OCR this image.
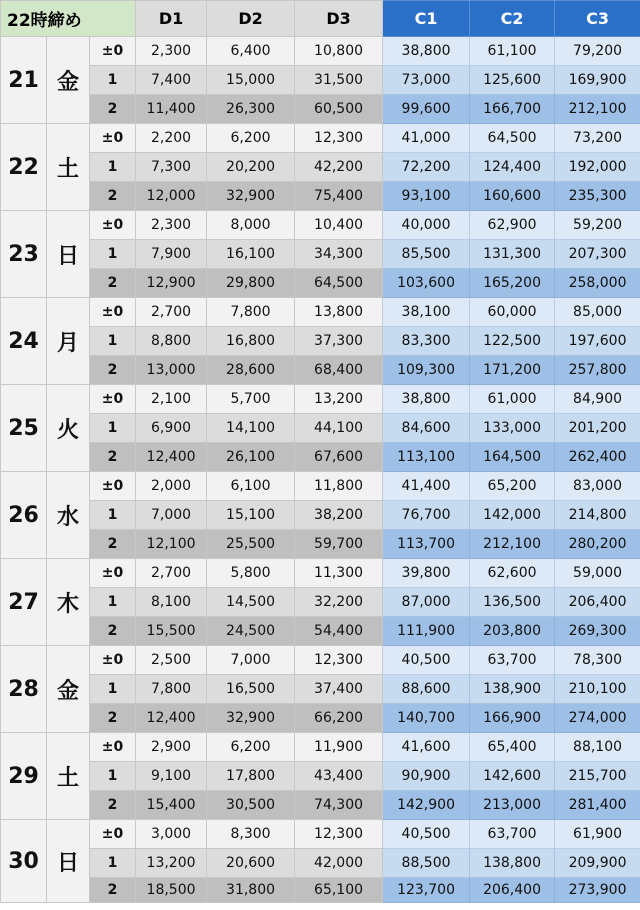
22時締め			D1	D2	D3	C1	C2	C3
21	金	±0	2,300	6,400	10,800	38,800	61,100	79,200
		1	7,400	15,000	31,500	73,000	125,600	169,900
		2	11,400	26,300	60,500	99,600	166,700	212,100
22	土	±0	2,200	6,200	12,300	41,000	64,500	73,200
		1	7,300	20,200	42,200	72,200	124,400	192,000
		2	12,000	32,900	75,400	93,100	160,600	235,300
23	日	±0	2,300	8,000	10,400	40,000	62,900	59,200
		1	7,900	16,100	34,300	85,500	131,300	207,300
		2	12,900	29,800	64,500	103,600	165,200	258,000
24	月	±0	2,700	7,800	13,800	38,100	60,000	85,000
		1	8,800	16,800	37,300	83,300	122,500	197,600
		2	13,000	28,600	68,400	109,300	171,200	257,800
25	火	±0	2,100	5,700	13,200	38,800	61,000	84,900
		1	6,900	14,100	44,100	84,600	133,000	201,200
		2	12,400	26,100	67,600	113,100	164,500	262,400
26	水	±0	2,000	6,100	11,800	41,400	65,200	83,000
		1	7,000	15,100	38,200	76,700	142,000	214,800
		2	12,100	25,500	59,700	113,700	212,100	280,200
27	木	±0	2,700	5,800	11,300	39,800	62,600	59,000
		1	8,100	14,500	32,200	87,000	136,500	206,400
		2	15,500	24,500	54,400	111,900	203,800	269,300
28	金	±0	2,500	7,000	12,300	40,500	63,700	78,300
		1	7,800	16,500	37,400	88,600	138,900	210,100
		2	12,400	32,900	66,200	140,700	166,900	274,000
29	土	±0	2,900	6,200	11,900	41,600	65,400	88,100
		1	9,100	17,800	43,400	90,900	142,600	215,700
		2	15,400	30,500	74,300	142,900	213,000	281,400
30	日	±0	3,000	8,300	12,300	40,500	63,700	61,900
		1	13,200	20,600	42,000	88,500	138,800	209,900
		2	18,500	31,800	65,100	123,700	206,400	273,900
